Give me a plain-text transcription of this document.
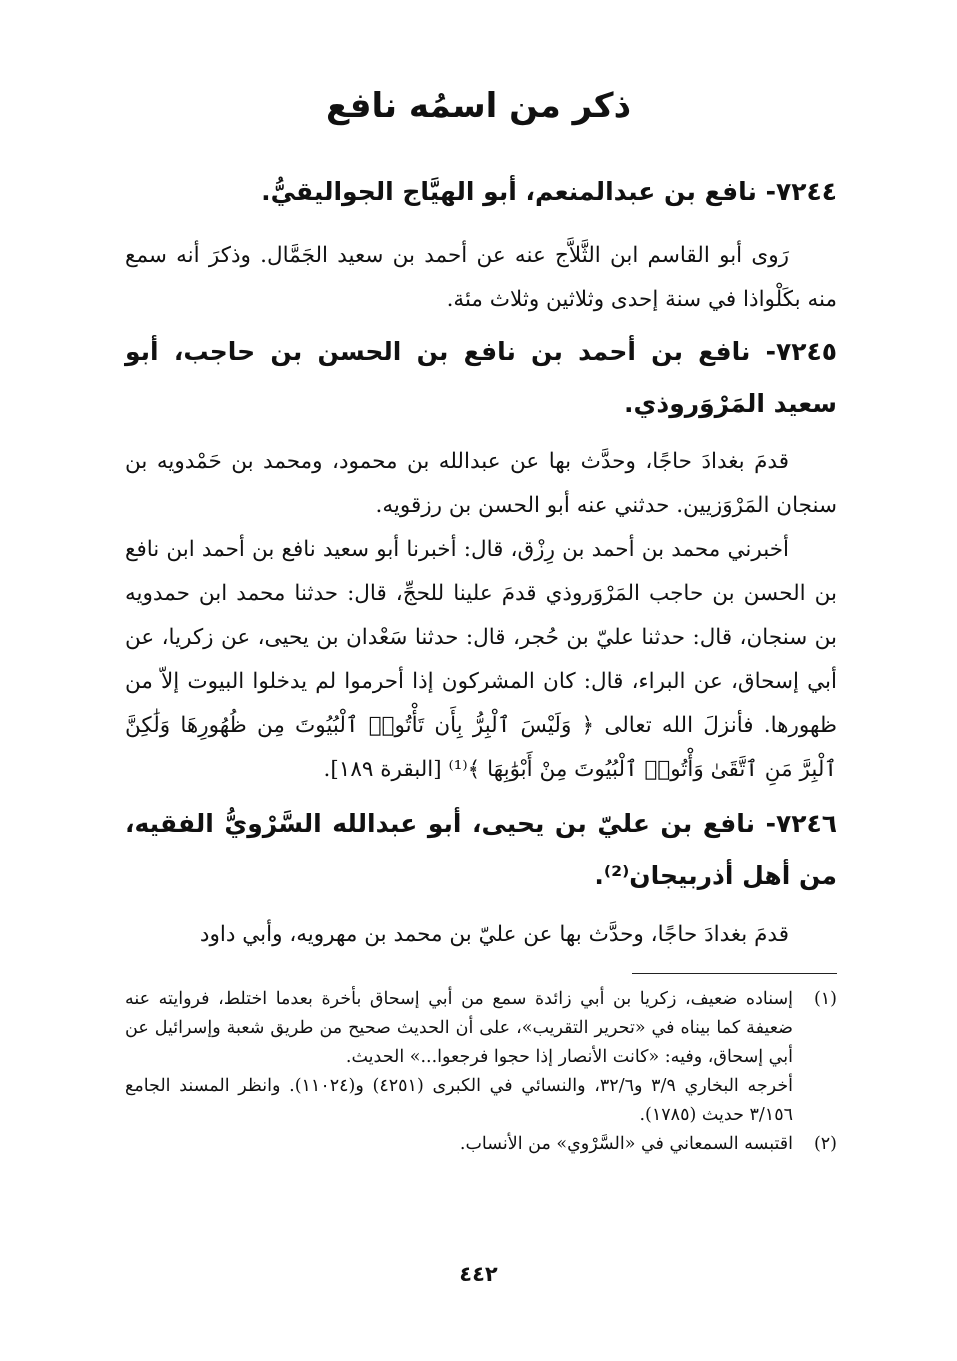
ذكر من اسمُه نافع

٧٢٤٤- نافع بن عبدالمنعم، أبو الهيَّاج الجواليقيُّ.

رَوى أبو القاسم ابن الثَّلاَّج عنه عن أحمد بن سعيد الجَمَّال. وذكرَ أنه سمع منه بكَلْواذا في سنة إحدى وثلاثين وثلاث مئة.

٧٢٤٥- نافع بن أحمد بن نافع بن الحسن بن حاجب، أبو سعيد المَرْوَروذي.

قدمَ بغدادَ حاجًا، وحدَّث بها عن عبدالله بن محمود، ومحمد بن حَمْدويه بن سنجان المَرْوَزيين. حدثني عنه أبو الحسن بن رزقويه.

أخبرني محمد بن أحمد بن رِزْق، قال: أخبرنا أبو سعيد نافع بن أحمد ابن نافع بن الحسن بن حاجب المَرْوَروذي قدمَ علينا للحجِّ، قال: حدثنا محمد ابن حمدويه بن سنجان، قال: حدثنا عليّ بن حُجر، قال: حدثنا سَعْدان بن يحيى، عن زكريا، عن أبي إسحاق، عن البراء، قال: كان المشركون إذا أحرموا لم يدخلوا البيوت إلاّ من ظهورها. فأنزلَ الله تعالى ﴿ وَلَيْسَ ٱلْبِرُّ بِأَن تَأْتُوا۟ ٱلْبُيُوتَ مِن ظُهُورِهَا وَلَٰكِنَّ ٱلْبِرَّ مَنِ ٱتَّقَىٰ وَأْتُوا۟ ٱلْبُيُوتَ مِنْ أَبْوَٰبِهَا ﴾⁽¹⁾ [البقرة ١٨٩].

٧٢٤٦- نافع بن عليّ بن يحيى، أبو عبدالله السَّرْويُّ الفقيه، من أهل أذربيجان⁽²⁾.

قدمَ بغدادَ حاجًا، وحدَّث بها عن عليّ بن محمد بن مهرويه، وأبي داود

(١)
إسناده ضعيف، زكريا بن أبي زائدة سمع من أبي إسحاق بأخرة بعدما اختلط، فروايته عنه ضعيفة كما بيناه في «تحرير التقريب»، على أن الحديث صحيح من طريق شعبة وإسرائيل عن أبي إسحاق، وفيه: «كانت الأنصار إذا حجوا فرجعوا...» الحديث.

أخرجه البخاري ٣/٩ و٣٢/٦، والنسائي في الكبرى (٤٢٥١) و(١١٠٢٤). وانظر المسند الجامع ٣/١٥٦ حديث (١٧٨٥).

(٢)
اقتبسه السمعاني في «السَّرْوي» من الأنساب.
٤٤٢
